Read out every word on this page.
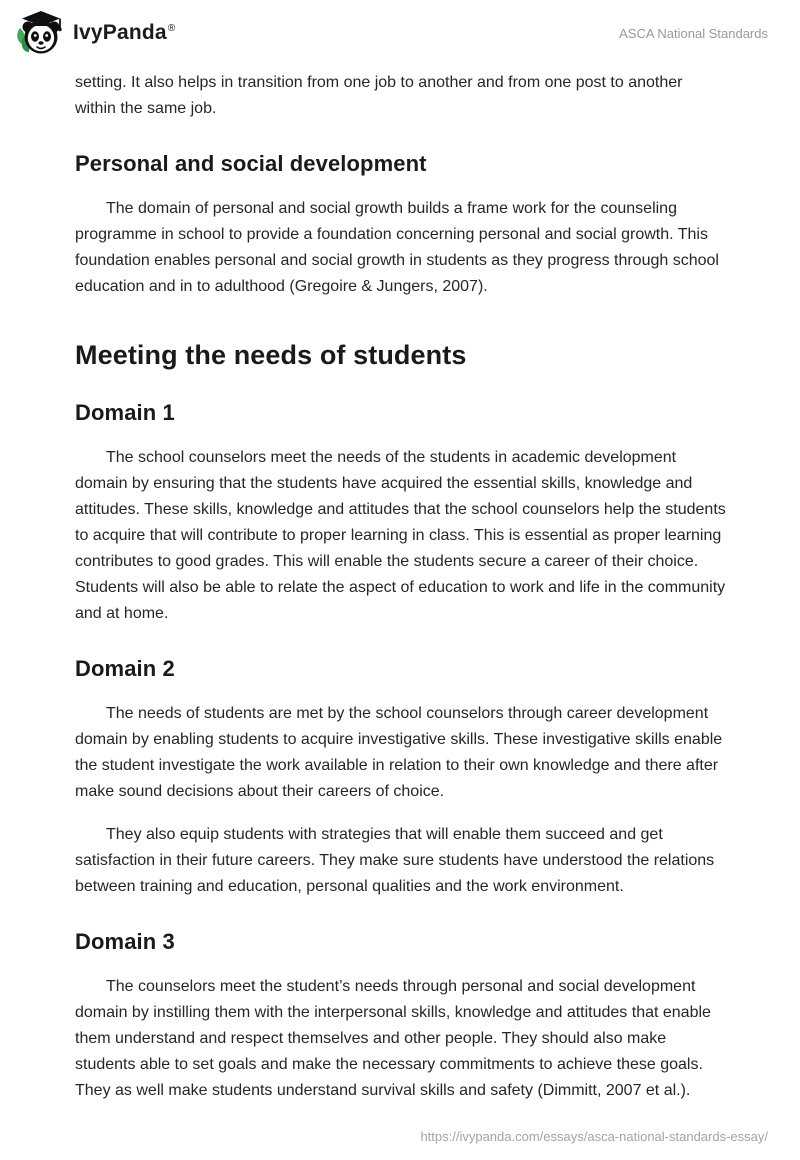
IvyPanda®	ASCA National Standards

setting. It also helps in transition from one job to another and from one post to another within the same job.

Personal and social development

The domain of personal and social growth builds a frame work for the counseling programme in school to provide a foundation concerning personal and social growth. This foundation enables personal and social growth in students as they progress through school education and in to adulthood (Gregoire & Jungers, 2007).

Meeting the needs of students
Domain 1

The school counselors meet the needs of the students in academic development domain by ensuring that the students have acquired the essential skills, knowledge and attitudes. These skills, knowledge and attitudes that the school counselors help the students to acquire that will contribute to proper learning in class. This is essential as proper learning contributes to good grades. This will enable the students secure a career of their choice. Students will also be able to relate the aspect of education to work and life in the community and at home.

Domain 2

The needs of students are met by the school counselors through career development domain by enabling students to acquire investigative skills. These investigative skills enable the student investigate the work available in relation to their own knowledge and there after make sound decisions about their careers of choice.

They also equip students with strategies that will enable them succeed and get satisfaction in their future careers. They make sure students have understood the relations between training and education, personal qualities and the work environment.

Domain 3

The counselors meet the student’s needs through personal and social development domain by instilling them with the interpersonal skills, knowledge and attitudes that enable them understand and respect themselves and other people. They should also make students able to set goals and make the necessary commitments to achieve these goals. They as well make students understand survival skills and safety (Dimmitt, 2007 et al.).

https://ivypanda.com/essays/asca-national-standards-essay/
